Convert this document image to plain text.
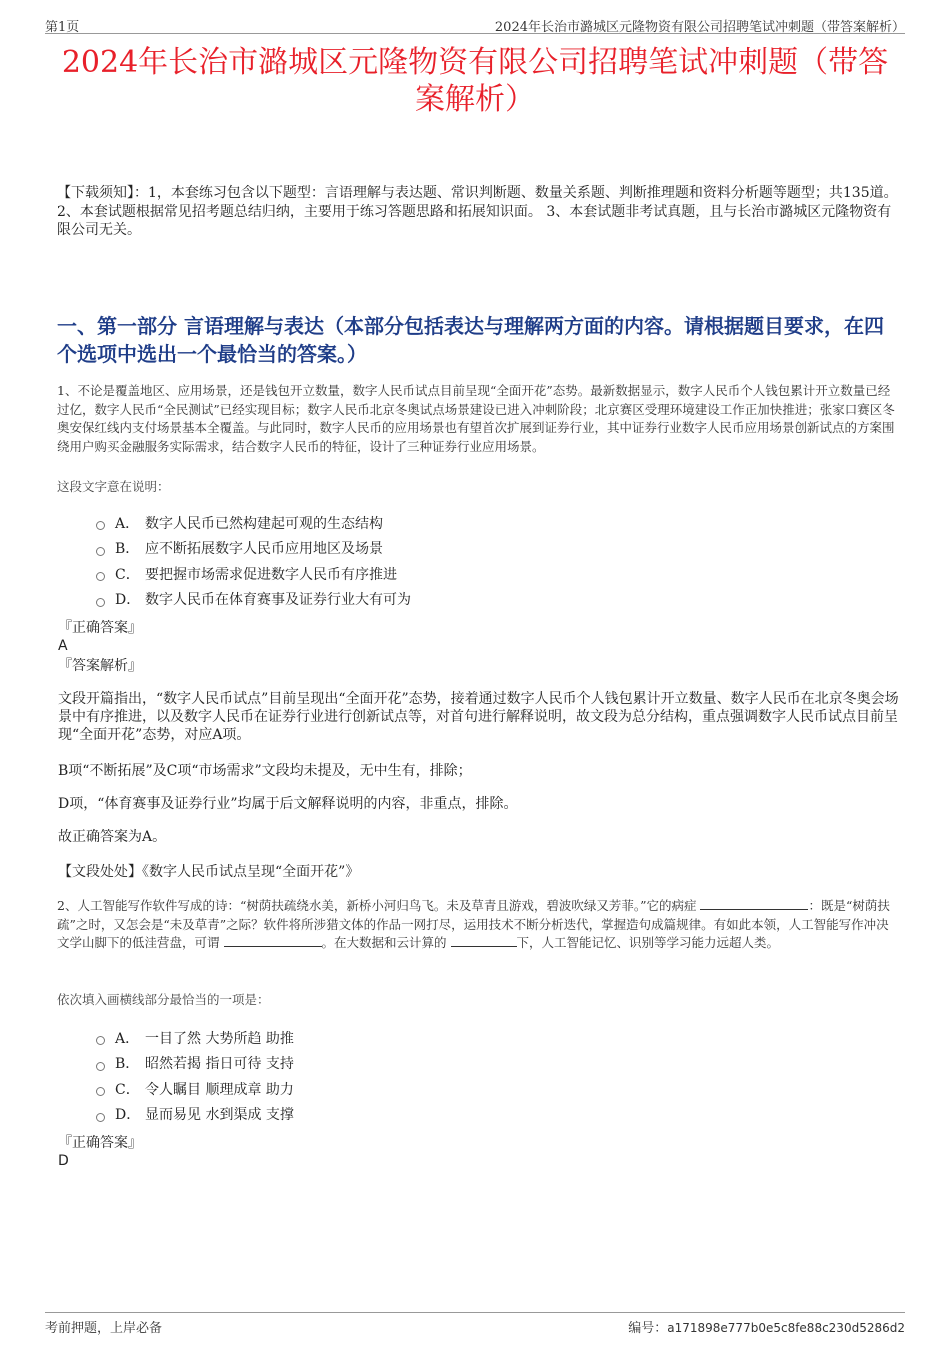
第1页	2024年长治市潞城区元隆物资有限公司招聘笔试冲刺题（带答案解析）
2024年长治市潞城区元隆物资有限公司招聘笔试冲刺题（带答案解析）

【下载须知】：1，本套练习包含以下题型：言语理解与表达题、常识判断题、数量关系题、判断推理题和资料分析题等题型；共135道。 2、本套试题根据常见招考题总结归纳，主要用于练习答题思路和拓展知识面。 3、本套试题非考试真题，且与长治市潞城区元隆物资有限公司无关。

一、第一部分 言语理解与表达（本部分包括表达与理解两方面的内容。请根据题目要求，在四个选项中选出一个最恰当的答案。）

1、不论是覆盖地区、应用场景，还是钱包开立数量，数字人民币试点目前呈现“全面开花”态势。最新数据显示，数字人民币个人钱包累计开立数量已经过亿，数字人民币“全民测试”已经实现目标；数字人民币北京冬奥试点场景建设已进入冲刺阶段；北京赛区受理环境建设工作正加快推进；张家口赛区冬奥安保红线内支付场景基本全覆盖。与此同时，数字人民币的应用场景也有望首次扩展到证券行业，其中证券行业数字人民币应用场景创新试点的方案围绕用户购买金融服务实际需求，结合数字人民币的特征，设计了三种证券行业应用场景。

这段文字意在说明：

A． 数字人民币已然构建起可观的生态结构
B． 应不断拓展数字人民币应用地区及场景
C． 要把握市场需求促进数字人民币有序推进
D． 数字人民币在体育赛事及证券行业大有可为

『正确答案』

A

『答案解析』

文段开篇指出，“数字人民币试点”目前呈现出“全面开花”态势，接着通过数字人民币个人钱包累计开立数量、数字人民币在北京冬奥会场景中有序推进，以及数字人民币在证券行业进行创新试点等，对首句进行解释说明，故文段为总分结构，重点强调数字人民币试点目前呈现“全面开花”态势，对应A项。

B项“不断拓展”及C项“市场需求”文段均未提及，无中生有，排除；

D项，“体育赛事及证券行业”均属于后文解释说明的内容，非重点，排除。

故正确答案为A。

【文段处处】《数字人民币试点呈现“全面开花”》

2、人工智能写作软件写成的诗：“树荫扶疏绕水美，新桥小河归鸟飞。未及草青且游戏，碧波吹绿又芳菲。”它的病症	：既是“树荫扶疏”之时，又怎会是“未及草青”之际？软件将所涉猎文体的作品一网打尽，运用技术不断分析迭代，掌握造句成篇规律。有如此本领，人工智能写作冲决文学山脚下的低洼营盘，可谓	。在大数据和云计算的	下，人工智能记忆、识别等学习能力远超人类。

依次填入画横线部分最恰当的一项是：

A． 一目了然 大势所趋 助推
B． 昭然若揭 指日可待 支持
C． 令人瞩目 顺理成章 助力
D． 显而易见 水到渠成 支撑

『正确答案』

D

考前押题，上岸必备	编号：a171898e777b0e5c8fe88c230d5286d2
